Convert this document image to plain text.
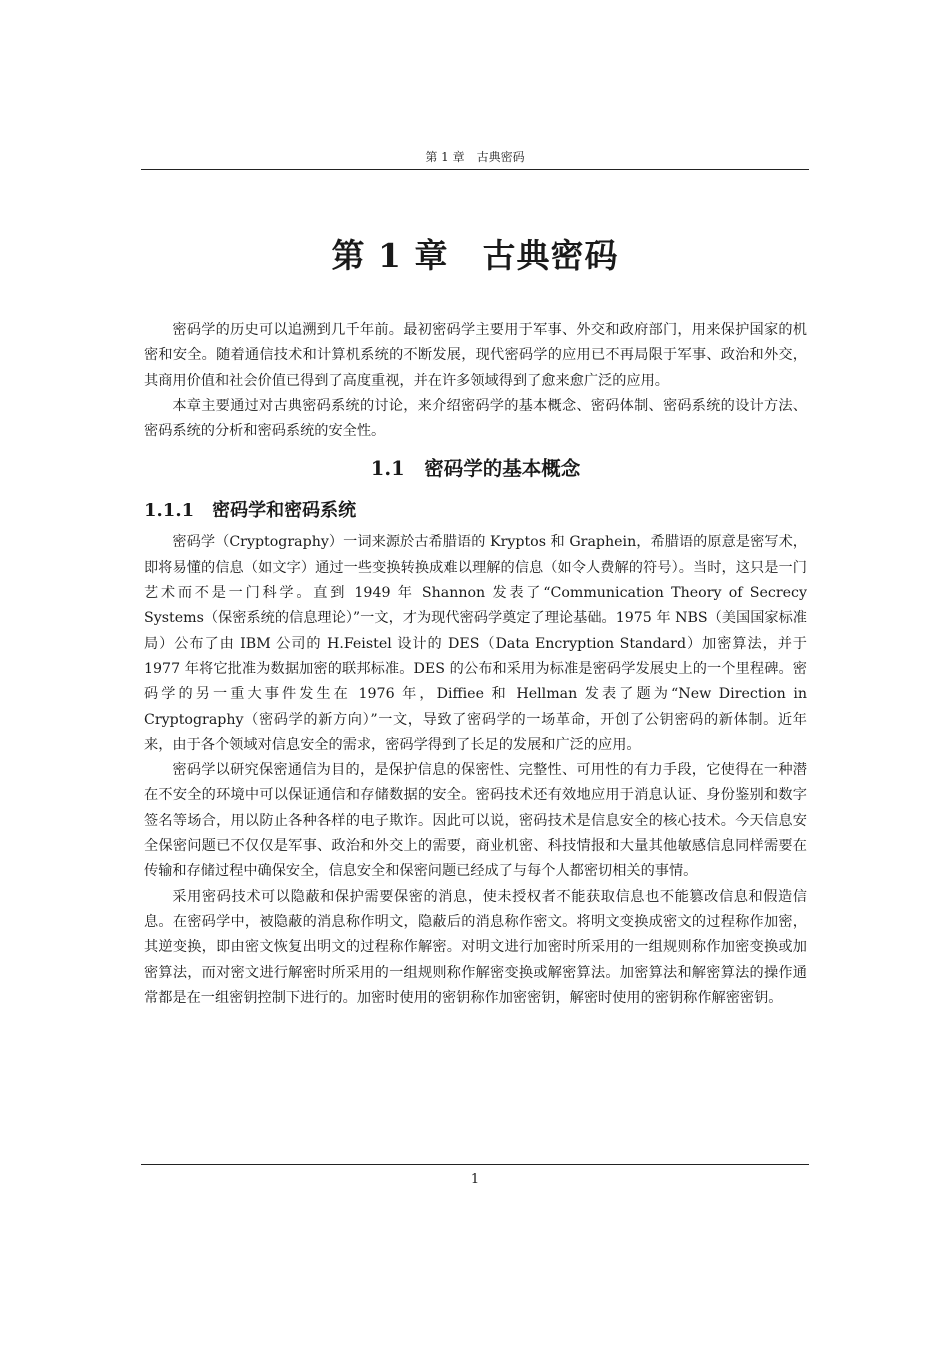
第 1 章　古典密码
第 1 章　古典密码

密码学的历史可以追溯到几千年前。最初密码学主要用于军事、外交和政府部门，用来保护国家的机密和安全。随着通信技术和计算机系统的不断发展，现代密码学的应用已不再局限于军事、政治和外交，其商用价值和社会价值已得到了高度重视，并在许多领域得到了愈来愈广泛的应用。

本章主要通过对古典密码系统的讨论，来介绍密码学的基本概念、密码体制、密码系统的设计方法、密码系统的分析和密码系统的安全性。

1.1　密码学的基本概念
1.1.1　密码学和密码系统

密码学（Cryptography）一词来源於古希腊语的 Kryptos 和 Graphein，希腊语的原意是密写术，即将易懂的信息（如文字）通过一些变换转换成难以理解的信息（如令人费解的符号）。当时，这只是一门艺术而不是一门科学。直到 1949 年 Shannon 发表了“Communication Theory of Secrecy Systems（保密系统的信息理论）”一文，才为现代密码学奠定了理论基础。1975 年 NBS（美国国家标准局）公布了由 IBM 公司的 H.Feistel 设计的 DES（Data Encryption Standard）加密算法，并于 1977 年将它批准为数据加密的联邦标准。DES 的公布和采用为标准是密码学发展史上的一个里程碑。密码学的另一重大事件发生在 1976 年，Diffiee 和 Hellman 发表了题为“New Direction in Cryptography（密码学的新方向）”一文，导致了密码学的一场革命，开创了公钥密码的新体制。近年来，由于各个领域对信息安全的需求，密码学得到了长足的发展和广泛的应用。

密码学以研究保密通信为目的，是保护信息的保密性、完整性、可用性的有力手段，它使得在一种潜在不安全的环境中可以保证通信和存储数据的安全。密码技术还有效地应用于消息认证、身份鉴别和数字签名等场合，用以防止各种各样的电子欺诈。因此可以说，密码技术是信息安全的核心技术。今天信息安全保密问题已不仅仅是军事、政治和外交上的需要，商业机密、科技情报和大量其他敏感信息同样需要在传输和存储过程中确保安全，信息安全和保密问题已经成了与每个人都密切相关的事情。

采用密码技术可以隐蔽和保护需要保密的消息，使未授权者不能获取信息也不能篡改信息和假造信息。在密码学中，被隐蔽的消息称作明文，隐蔽后的消息称作密文。将明文变换成密文的过程称作加密，其逆变换，即由密文恢复出明文的过程称作解密。对明文进行加密时所采用的一组规则称作加密变换或加密算法，而对密文进行解密时所采用的一组规则称作解密变换或解密算法。加密算法和解密算法的操作通常都是在一组密钥控制下进行的。加密时使用的密钥称作加密密钥，解密时使用的密钥称作解密密钥。

1
